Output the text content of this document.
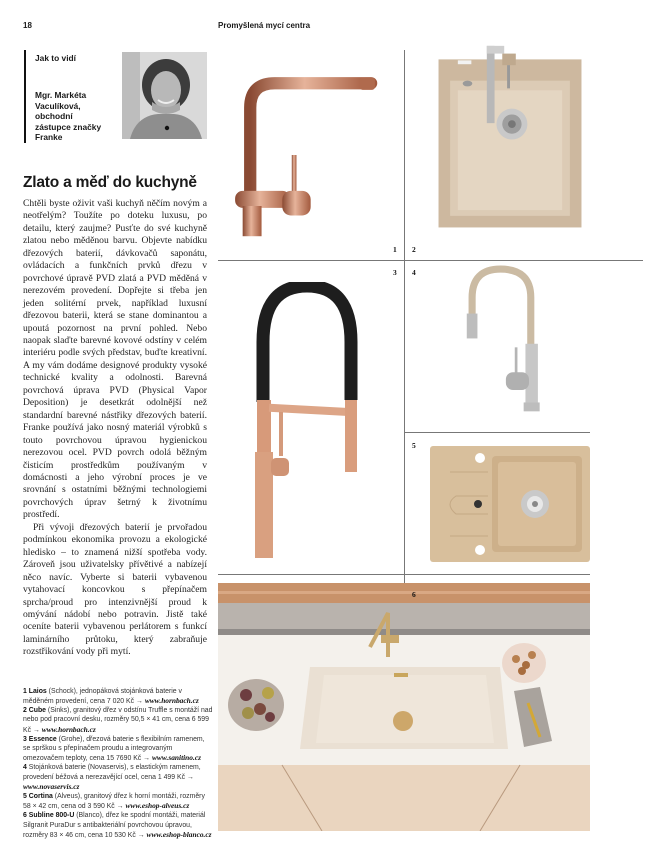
18	Promyšlená mycí centra
Jak to vidí
Mgr. Markéta
Vaculíková,
obchodní
zástupce značky
Franke
Zlato a měď do kuchyně

Chtěli byste oživit vaši kuchyň něčím novým a neotřelým? Toužíte po doteku luxusu, po detailu, který zaujme? Pusťte do své kuchyně zlatou nebo měděnou barvu. Objevte nabídku dřezových baterií, dávkovačů saponátu, ovládacích a funkčních prvků dřezu v povrchové úpravě PVD zlatá a PVD měděná v nerezovém provedení. Dopřejte si třeba jen jeden solitérní prvek, například luxusní dřezovou baterii, která se stane dominantou a upoutá pozornost na první pohled. Nebo naopak slaďte barevné kovové odstíny v celém interiéru podle svých představ, buďte kreativní. A my vám dodáme designové produkty vysoké technické kvality a odolnosti. Barevná povrchová úprava PVD (Physical Vapor Deposition) je desetkrát odolnější než standardní barevné nástřiky dřezových baterií. Franke používá jako nosný materiál výrobků s touto povrchovou úpravou hygienickou nerezovou ocel. PVD povrch odolá běžným čisticím prostředkům používaným v domácnosti a jeho výrobní proces je ve srovnání s ostatními běžnými technologiemi povrchových úprav šetrný k životnímu prostředí.

Při vývoji dřezových baterií je prvořadou podmínkou ekonomika provozu a ekologické hledisko – to znamená nižší spotřeba vody. Zároveň jsou uživatelsky přívětivé a nabízejí něco navíc. Vyberte si baterii vybavenou vytahovací koncovkou s přepínačem sprcha/proud pro intenzivnější proud k omývání nádobí nebo potravin. Jistě také oceníte baterii vybavenou perlátorem s funkcí laminárního průtoku, který zabraňuje rozstřikování vody při mytí.

1 Laios (Schock), jednopáková stojánková baterie v měděném provedení, cena 7 020 Kč → www.hornbach.cz
2 Cube (Sinks), granitový dřez v odstínu Truffle s montáží nad nebo pod pracovní desku, rozměry 50,5 × 41 cm, cena 6 599 Kč → www.hornbach.cz
3 Essence (Grohe), dřezová baterie s flexibilním ramenem, se sprškou s přepínačem proudu a integrovaným omezovačem teploty, cena 15 7690 Kč → www.sanitino.cz
4 Stojánková baterie (Novaservis), s elastickým ramenem, provedení béžová a nerezavějící ocel, cena 1 499 Kč → www.novaservis.cz
5 Cortina (Alveus), granitový dřez k horní montáži, rozměry 58 × 42 cm, cena od 3 590 Kč → www.eshop-alveus.cz
6 Subline 800-U (Blanco), dřez ke spodní montáži, materiál Silgranit PuraDur s antibakteriální povrchovou úpravou, rozměry 83 × 46 cm, cena 10 530 Kč → www.eshop-blanco.cz
1 2
3 4
5
6
